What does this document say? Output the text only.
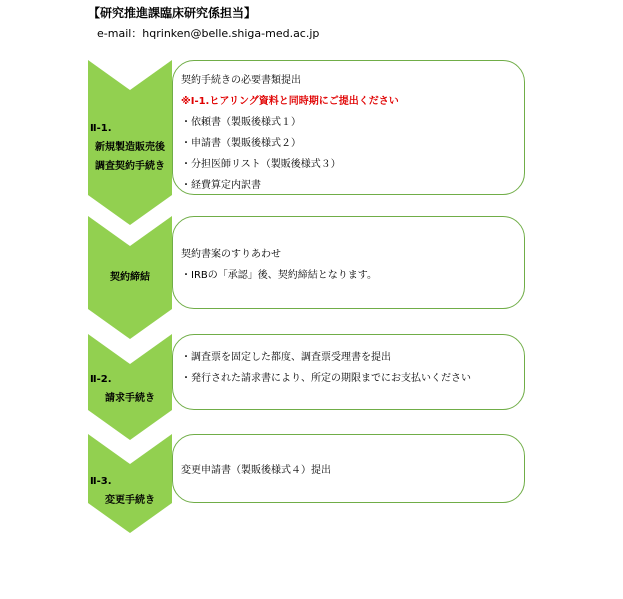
【研究推進課臨床研究係担当】
e-mail：hqrinken@belle.shiga-med.ac.jp
Ⅱ-1.
新規製造販売後
調査契約手続き
契約手続きの必要書類提出
※Ⅰ-1.ヒアリング資料と同時期にご提出ください
・依頼書（製販後様式１）
・申請書（製販後様式２）
・分担医師リスト（製販後様式３）
・経費算定内訳書
契約締結
契約書案のすりあわせ
・IRBの「承認」後、契約締結となります。
Ⅱ-2.
請求手続き
・調査票を固定した都度、調査票受理書を提出
・発行された請求書により、所定の期限までにお支払いください
Ⅱ-3.
変更手続き
変更申請書（製販後様式４）提出
